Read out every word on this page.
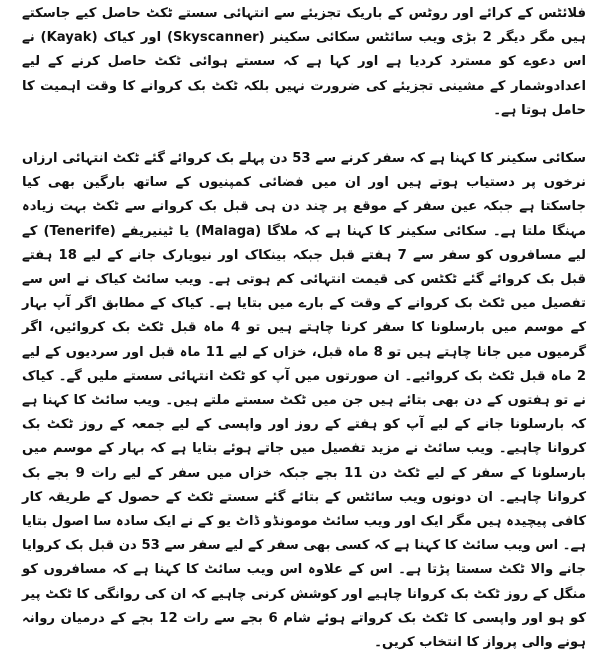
فلائٹس کے کرائے اور روٹس کے باریک تجزیئے سے انتہائی سستے ٹکٹ حاصل کیے جاسکتے ہیں مگر دیگر 2 بڑی ویب سائٹس سکائی سکینر (Skyscanner) اور کیاک (Kayak) نے اس دعوے کو مسترد کردیا ہے اور کہا ہے کہ سستے ہوائی ٹکٹ حاصل کرنے کے لیے اعدادوشمار کے مشینی تجزیئے کی ضرورت نہیں بلکہ ٹکٹ بک کروانے کا وقت اہمیت کا حامل ہوتا ہے۔

سکائی سکینر کا کہنا ہے کہ سفر کرنے سے 53 دن پہلے بک کروائے گئے ٹکٹ انتہائی ارزاں نرخوں پر دستیاب ہوتے ہیں اور ان میں فضائی کمپنیوں کے ساتھ بارگین بھی کیا جاسکتا ہے جبکہ عین سفر کے موقع پر چند دن ہی قبل بک کروانے سے ٹکٹ بہت زیادہ مہنگا ملتا ہے۔ سکائی سکینر کا کہنا ہے کہ ملاگا (Malaga) یا ٹینیریفے (Tenerife) کے لیے مسافروں کو سفر سے 7 ہفتے قبل جبکہ بینکاک اور نیویارک جانے کے لیے 18 ہفتے قبل بک کروائے گئے ٹکٹس کی قیمت انتہائی کم ہوتی ہے۔ ویب سائٹ کیاک نے اس سے تفصیل میں ٹکٹ بک کروانے کے وقت کے بارے میں بتایا ہے۔ کیاک کے مطابق اگر آپ بہار کے موسم میں بارسلونا کا سفر کرنا چاہتے ہیں تو 4 ماہ قبل ٹکٹ بک کروائیں، اگر گرمیوں میں جانا چاہتے ہیں تو 8 ماہ قبل، خزاں کے لیے 11 ماہ قبل اور سردیوں کے لیے 2 ماہ قبل ٹکٹ بک کروائیے۔ ان صورتوں میں آپ کو ٹکٹ انتہائی سستے ملیں گے۔ کیاک نے تو ہفتوں کے دن بھی بتائے ہیں جن میں ٹکٹ سستے ملتے ہیں۔ ویب سائٹ کا کہنا ہے کہ بارسلونا جانے کے لیے آپ کو ہفتے کے روز اور واپسی کے لیے جمعہ کے روز ٹکٹ بک کروانا چاہیے۔ ویب سائٹ نے مزید تفصیل میں جاتے ہوئے بتایا ہے کہ بہار کے موسم میں بارسلونا کے سفر کے لیے ٹکٹ دن 11 بجے جبکہ خزاں میں سفر کے لیے رات 9 بجے بک کروانا چاہیے۔ ان دونوں ویب سائٹس کے بتائے گئے سستے ٹکٹ کے حصول کے طریقہ کار کافی پیچیدہ ہیں مگر ایک اور ویب سائٹ مومونڈو ڈاٹ یو کے نے ایک سادہ سا اصول بتایا ہے۔ اس ویب سائٹ کا کہنا ہے کہ کسی بھی سفر کے لیے سفر سے 53 دن قبل بک کروایا جانے والا ٹکٹ سستا پڑتا ہے۔ اس کے علاوہ اس ویب سائٹ کا کہنا ہے کہ مسافروں کو منگل کے روز ٹکٹ بک کروانا چاہیے اور کوشش کرنی چاہیے کہ ان کی روانگی کا ٹکٹ پیر کو ہو اور واپسی کا ٹکٹ بک کرواتے ہوئے شام 6 بجے سے رات 12 بجے کے درمیان روانہ ہونے والی پرواز کا انتخاب کریں۔
